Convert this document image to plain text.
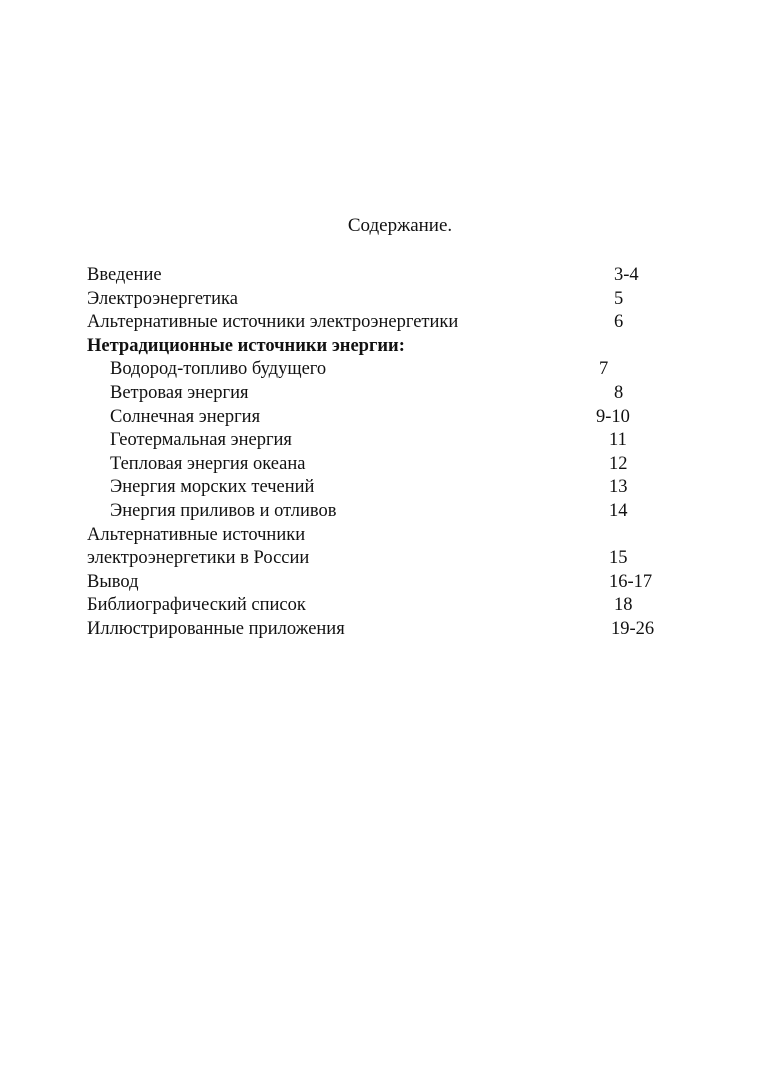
Содержание.
Введение	3-4
Электроэнергетика	5
Альтернативные источники электроэнергетики	6
Нетрадиционные источники энергии:
Водород-топливо будущего	7
Ветровая энергия	8
Солнечная энергия	9-10
Геотермальная энергия	11
Тепловая энергия океана	12
Энергия морских течений	13
Энергия приливов и отливов	14
Альтернативные источники
электроэнергетики в России	15
Вывод	16-17
Библиографический список	18
Иллюстрированные приложения	19-26
